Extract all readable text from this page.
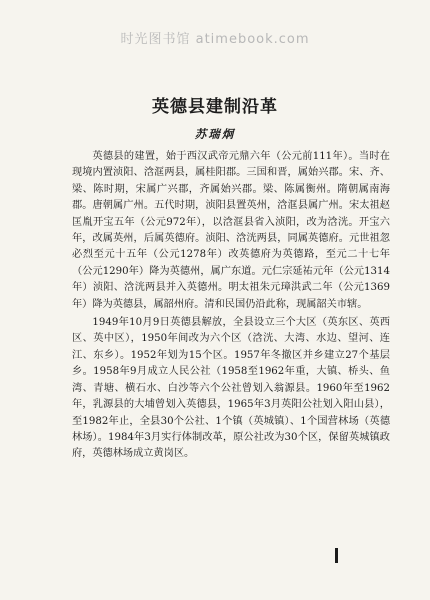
时光图书馆 atimebook.com
英德县建制沿革
苏瑞炯

英德县的建置，始于西汉武帝元鼎六年（公元前111年）。当时在现境内置浈阳、浛洭两县，属桂阳郡。三国和晋，属始兴郡。宋、齐、梁、陈时期，宋属广兴郡，齐属始兴郡。梁、陈属衡州。隋朝属南海郡。唐朝属广州。五代时期，浈阳县置英州，浛洭县属广州。宋太祖赵匡胤开宝五年（公元972年），以浛洭县省入浈阳，改为浛洸。开宝六年，改属英州，后属英德府。浈阳、浛洸两县，同属英德府。元世祖忽必烈至元十五年（公元1278年）改英德府为英德路，至元二十七年（公元1290年）降为英德州，属广东道。元仁宗延祐元年（公元1314年）浈阳、浛洸两县并入英德州。明太祖朱元璋洪武二年（公元1369年）降为英德县，属韶州府。清和民国仍沿此称，现属韶关市辖。

1949年10月9日英德县解放，全县设立三个大区（英东区、英西区、英中区），1950年间改为六个区（浛洸、大湾、水边、望河、连江、东乡）。1952年划为15个区。1957年冬撤区并乡建立27个基层乡。1958年9月成立人民公社（1958至1962年重，大镇、桥头、鱼湾、青塘、横石水、白沙等六个公社曾划入翁源县。1960年至1962年，乳源县的大埔曾划入英德县，1965年3月英阳公社划入阳山县），至1982年止，全县30个公社、1个镇（英城镇）、1个国营林场（英德林场）。1984年3月实行体制改革，原公社改为30个区，保留英城镇政府，英德林场成立黄岗区。
